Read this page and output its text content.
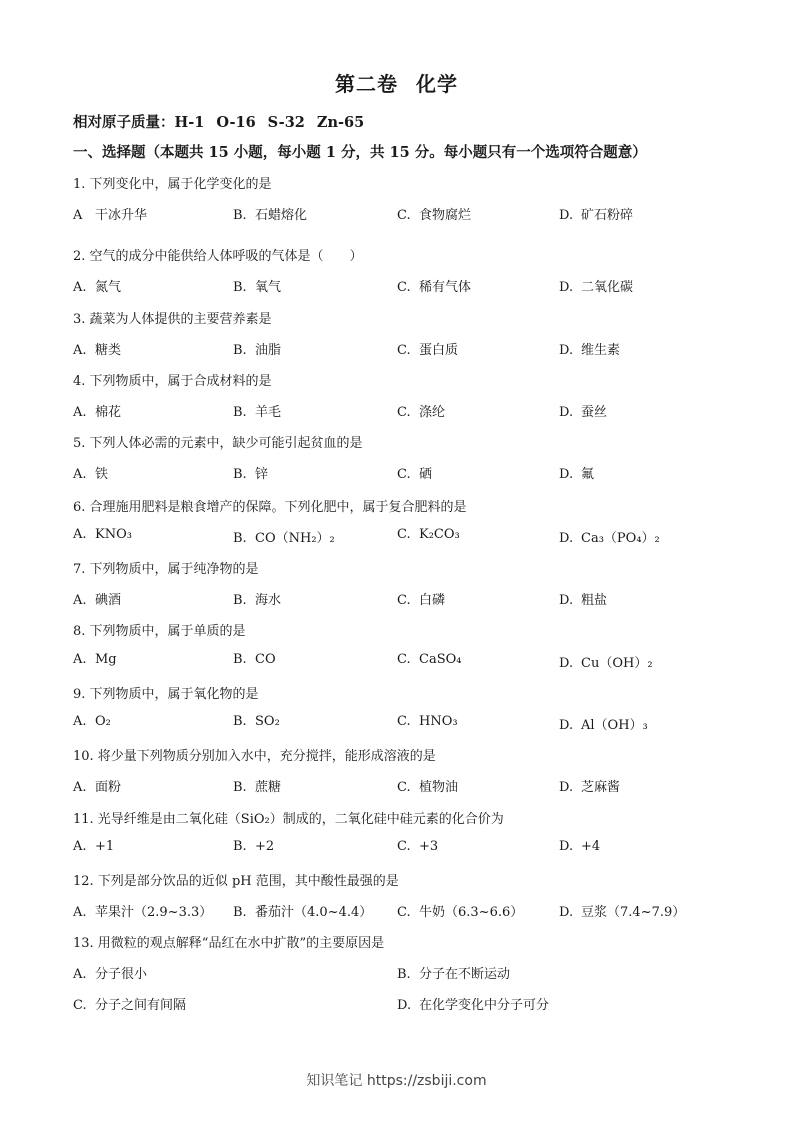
第二卷 化学
相对原子质量：H-1 O-16 S-32 Zn-65
一、选择题（本题共 15 小题，每小题 1 分，共 15 分。每小题只有一个选项符合题意）
1. 下列变化中，属于化学变化的是
A 干冰升华	B. 石蜡熔化	C. 食物腐烂	D. 矿石粉碎
2. 空气的成分中能供给人体呼吸的气体是（　　）
A. 氮气	B. 氧气	C. 稀有气体	D. 二氧化碳
3. 蔬菜为人体提供的主要营养素是
A. 糖类	B. 油脂	C. 蛋白质	D. 维生素
4. 下列物质中，属于合成材料的是
A. 棉花	B. 羊毛	C. 涤纶	D. 蚕丝
5. 下列人体必需的元素中，缺少可能引起贫血的是
A. 铁	B. 锌	C. 硒	D. 氟
6. 合理施用肥料是粮食增产的保障。下列化肥中，属于复合肥料的是
A. KNO₃	B. CO（NH₂）₂	C. K₂CO₃	D. Ca₃（PO₄）₂
7. 下列物质中，属于纯净物的是
A. 碘酒	B. 海水	C. 白磷	D. 粗盐
8. 下列物质中，属于单质的是
A. Mg	B. CO	C. CaSO₄	D. Cu（OH）₂
9. 下列物质中，属于氧化物的是
A. O₂	B. SO₂	C. HNO₃	D. Al（OH）₃
10. 将少量下列物质分别加入水中，充分搅拌，能形成溶液的是
A. 面粉	B. 蔗糖	C. 植物油	D. 芝麻酱
11. 光导纤维是由二氧化硅（SiO₂）制成的，二氧化硅中硅元素的化合价为
A. +1	B. +2	C. +3	D. +4
12. 下列是部分饮品的近似 pH 范围，其中酸性最强的是
A. 苹果汁（2.9~3.3） B. 番茄汁（4.0~4.4） C. 牛奶（6.3~6.6）	D. 豆浆（7.4~7.9）
13. 用微粒的观点解释“品红在水中扩散”的主要原因是
A. 分子很小	B. 分子在不断运动
C. 分子之间有间隔	D. 在化学变化中分子可分
知识笔记 https://zsbiji.com
